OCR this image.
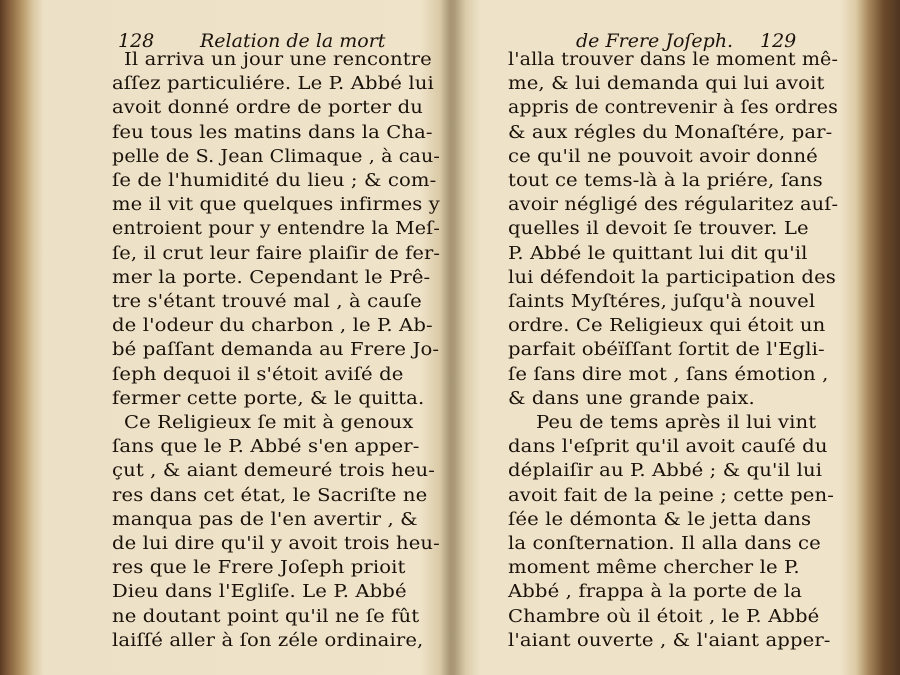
128 Relation de la mort
Il arriva un jour une rencontre
aſſez particuliére. Le P. Abbé lui
avoit donné ordre de porter du
feu tous les matins dans la Cha-
pelle de S. Jean Climaque , à cau-
ſe de l'humidité du lieu ; & com-
me il vit que quelques infirmes y
entroient pour y entendre la Meſ-
ſe, il crut leur faire plaiſir de fer-
mer la porte. Cependant le Prê-
tre s'étant trouvé mal , à cauſe
de l'odeur du charbon , le P. Ab-
bé paſſant demanda au Frere Jo-
ſeph dequoi il s'étoit aviſé de
fermer cette porte, & le quitta.
Ce Religieux ſe mit à genoux
ſans que le P. Abbé s'en apper-
çut , & aiant demeuré trois heu-
res dans cet état, le Sacriſte ne
manqua pas de l'en avertir , &
de lui dire qu'il y avoit trois heu-
res que le Frere Joſeph prioit
Dieu dans l'Egliſe. Le P. Abbé
ne doutant point qu'il ne ſe fût
laiſſé aller à ſon zéle ordinaire,
de Frere Joſeph. 129
l'alla trouver dans le moment mê-
me, & lui demanda qui lui avoit
appris de contrevenir à ſes ordres
& aux régles du Monaſtére, par-
ce qu'il ne pouvoit avoir donné
tout ce tems-là à la priére, ſans
avoir négligé des régularitez auſ-
quelles il devoit ſe trouver. Le
P. Abbé le quittant lui dit qu'il
lui défendoit la participation des
ſaints Myſtéres, juſqu'à nouvel
ordre. Ce Religieux qui étoit un
parfait obéïſſant ſortit de l'Egli-
ſe ſans dire mot , ſans émotion ,
& dans une grande paix.
Peu de tems après il lui vint
dans l'eſprit qu'il avoit cauſé du
déplaiſir au P. Abbé ; & qu'il lui
avoit fait de la peine ; cette pen-
ſée le démonta & le jetta dans
la conſternation. Il alla dans ce
moment même chercher le P.
Abbé , frappa à la porte de la
Chambre où il étoit , le P. Abbé
l'aiant ouverte , & l'aiant apper-
